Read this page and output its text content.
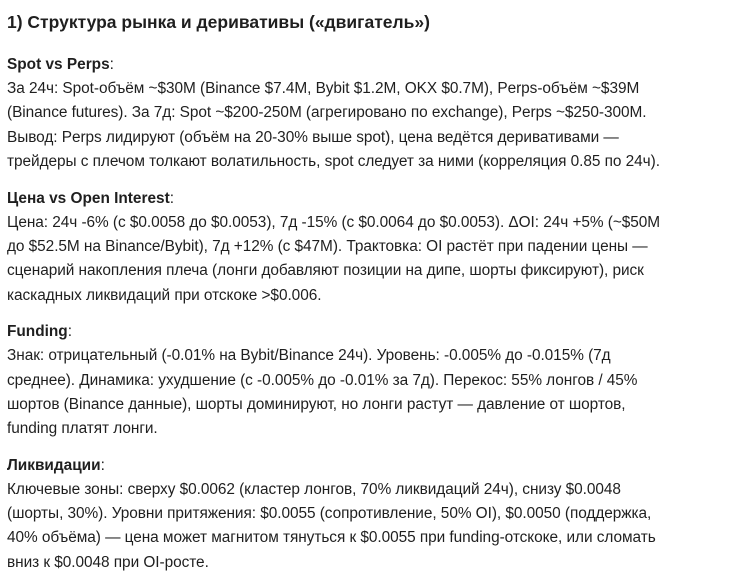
1) Структура рынка и деривативы («двигатель»)
Spot vs Perps:
За 24ч: Spot-объём ~$30M (Binance $7.4M, Bybit $1.2M, OKX $0.7M), Perps-объём ~$39M
(Binance futures). За 7д: Spot ~$200-250M (агрегировано по exchange), Perps ~$250-300M.
Вывод: Perps лидируют (объём на 20-30% выше spot), цена ведётся деривативами —
трейдеры с плечом толкают волатильность, spot следует за ними (корреляция 0.85 по 24ч).
Цена vs Open Interest:
Цена: 24ч -6% (с $0.0058 до $0.0053), 7д -15% (с $0.0064 до $0.0053). ΔOI: 24ч +5% (~$50M
до $52.5M на Binance/Bybit), 7д +12% (с $47M). Трактовка: OI растёт при падении цены —
сценарий накопления плеча (лонги добавляют позиции на дипе, шорты фиксируют), риск
каскадных ликвидаций при отскоке >$0.006.
Funding:
Знак: отрицательный (-0.01% на Bybit/Binance 24ч). Уровень: -0.005% до -0.015% (7д
среднее). Динамика: ухудшение (с -0.005% до -0.01% за 7д). Перекос: 55% лонгов / 45%
шортов (Binance данные), шорты доминируют, но лонги растут — давление от шортов,
funding платят лонги.
Ликвидации:
Ключевые зоны: сверху $0.0062 (кластер лонгов, 70% ликвидаций 24ч), снизу $0.0048
(шорты, 30%). Уровни притяжения: $0.0055 (сопротивление, 50% OI), $0.0050 (поддержка,
40% объёма) — цена может магнитом тянуться к $0.0055 при funding-отскоке, или сломать
вниз к $0.0048 при OI-росте.
